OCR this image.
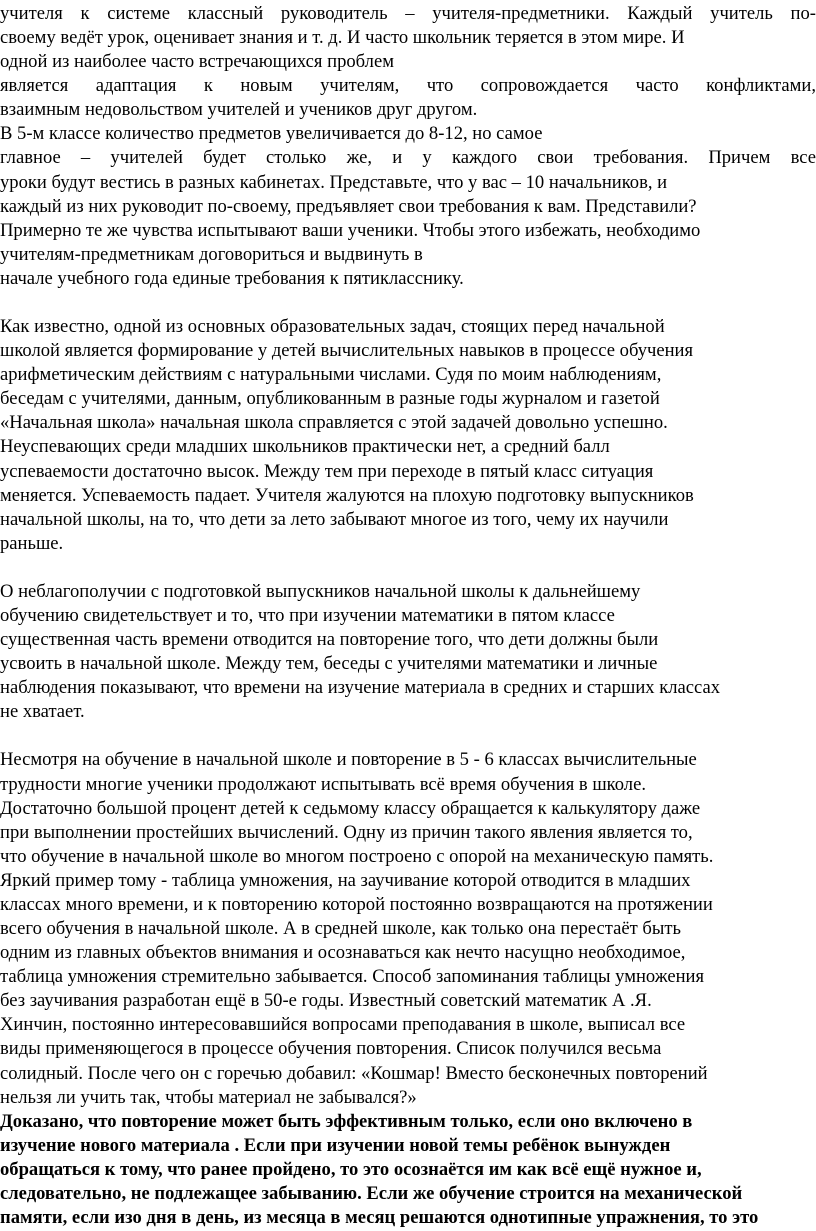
учителя к системе классный руководитель – учителя-предметники. Каждый учитель по-
своему ведёт урок, оценивает знания и т. д. И часто школьник теряется в этом мире. И
одной из наиболее часто встречающихся проблем
является адаптация к новым учителям, что сопровождается часто конфликтами,
взаимным недовольством учителей и учеников друг другом.
В 5-м классе количество предметов увеличивается до 8-12, но самое
главное – учителей будет столько же, и у каждого свои требования. Причем все
уроки будут вестись в разных кабинетах. Представьте, что у вас – 10 начальников, и
каждый из них руководит по-своему, предъявляет свои требования к вам. Представили?
Примерно те же чувства испытывают ваши ученики. Чтобы этого избежать, необходимо
учителям-предметникам договориться и выдвинуть в
начале учебного года единые требования к пятикласснику.
Как известно, одной из основных образовательных задач, стоящих перед начальной
школой является формирование у детей вычислительных навыков в процессе обучения
арифметическим действиям с натуральными числами. Судя по моим наблюдениям,
беседам с учителями, данным, опубликованным в разные годы журналом и газетой
«Начальная школа» начальная школа справляется с этой задачей довольно успешно.
Неуспевающих среди младших школьников практически нет, а средний балл
успеваемости достаточно высок. Между тем при переходе в пятый класс ситуация
меняется. Успеваемость падает. Учителя жалуются на плохую подготовку выпускников
начальной школы, на то, что дети за лето забывают многое из того, чему их научили
раньше.
О неблагополучии с подготовкой выпускников начальной школы к дальнейшему
обучению свидетельствует и то, что при изучении математики в пятом классе
существенная часть времени отводится на повторение того, что дети должны были
усвоить в начальной школе. Между тем, беседы с учителями математики и личные
наблюдения показывают, что времени на изучение материала в средних и старших классах
не хватает.
Несмотря на обучение в начальной школе и повторение в 5 - 6 классах вычислительные
трудности многие ученики продолжают испытывать всё время обучения в школе.
Достаточно большой процент детей к седьмому классу обращается к калькулятору даже
при выполнении простейших вычислений. Одну из причин такого явления является то,
что обучение в начальной школе во многом построено с опорой на механическую память.
Яркий пример тому - таблица умножения, на заучивание которой отводится в младших
классах много времени, и к повторению которой постоянно возвращаются на протяжении
всего обучения в начальной школе. А в средней школе, как только она перестаёт быть
одним из главных объектов внимания и осознаваться как нечто насущно необходимое,
таблица умножения стремительно забывается. Способ запоминания таблицы умножения
без заучивания разработан ещё в 50-е годы. Известный советский математик А .Я.
Хинчин, постоянно интересовавшийся вопросами преподавания в школе, выписал все
виды применяющегося в процессе обучения повторения. Список получился весьма
солидный. После чего он с горечью добавил: «Кошмар! Вместо бесконечных повторений
нельзя ли учить так, чтобы материал не забывался?»
Доказано, что повторение может быть эффективным только, если оно включено в
изучение нового материала . Если при изучении новой темы ребёнок вынужден
обращаться к тому, что ранее пройдено, то это осознаётся им как всё ещё нужное и,
следовательно, не подлежащее забыванию. Если же обучение строится на механической
памяти, если изо дня в день, из месяца в месяц решаются однотипные упражнения, то это
